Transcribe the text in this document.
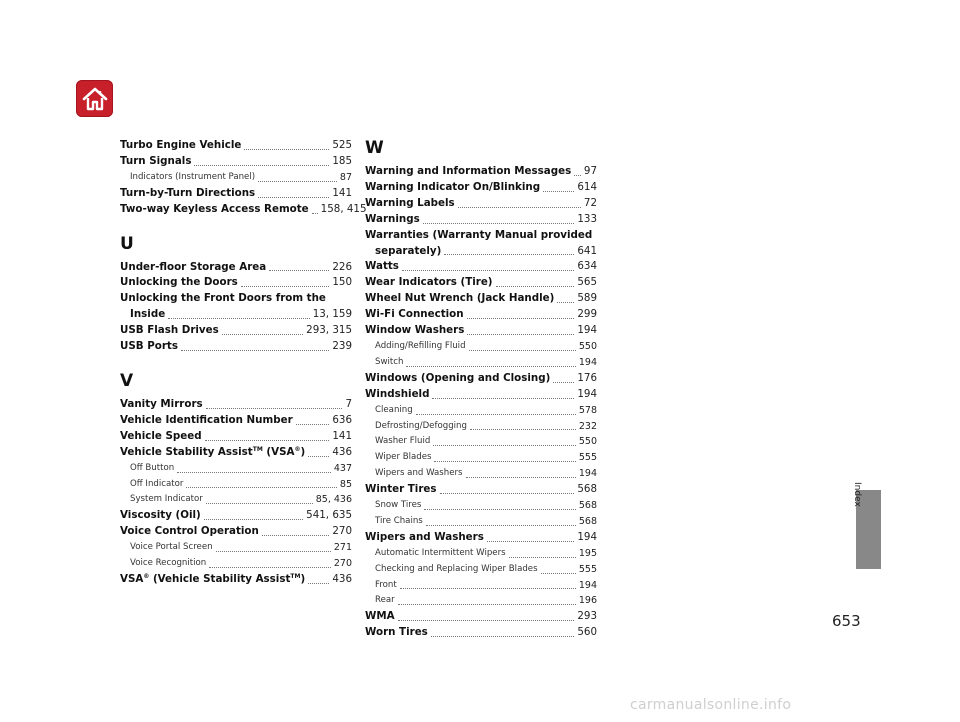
Turbo Engine Vehicle	525
Turn Signals	185
Indicators (Instrument Panel)	87
Turn-by-Turn Directions	141
Two-way Keyless Access Remote 158, 415
U
Under-floor Storage Area	226
Unlocking the Doors	150
Unlocking the Front Doors from the
Inside	13, 159
USB Flash Drives	293, 315
USB Ports	239
V
Vanity Mirrors	7
Vehicle Identification Number	636
Vehicle Speed	141
Vehicle Stability Assist™ (VSA®)	436
Off Button	437
Off Indicator	85
System Indicator	85, 436
Viscosity (Oil)	541, 635
Voice Control Operation	270
Voice Portal Screen	271
Voice Recognition	270
VSA® (Vehicle Stability Assist™)	436
W
Warning and Information Messages 97
Warning Indicator On/Blinking	614
Warning Labels	72
Warnings	133
Warranties (Warranty Manual provided
separately)	641
Watts	634
Wear Indicators (Tire)	565
Wheel Nut Wrench (Jack Handle) 589
Wi-Fi Connection	299
Window Washers	194
Adding/Refilling Fluid	550
Switch	194
Windows (Opening and Closing)	176
Windshield	194
Cleaning	578
Defrosting/Defogging	232
Washer Fluid	550
Wiper Blades	555
Wipers and Washers	194
Winter Tires	568
Snow Tires	568
Tire Chains	568
Wipers and Washers	194
Automatic Intermittent Wipers	195
Checking and Replacing Wiper Blades	555
Front	194
Rear	196
WMA	293
Worn Tires	560
Index
653
carmanualsonline.info
